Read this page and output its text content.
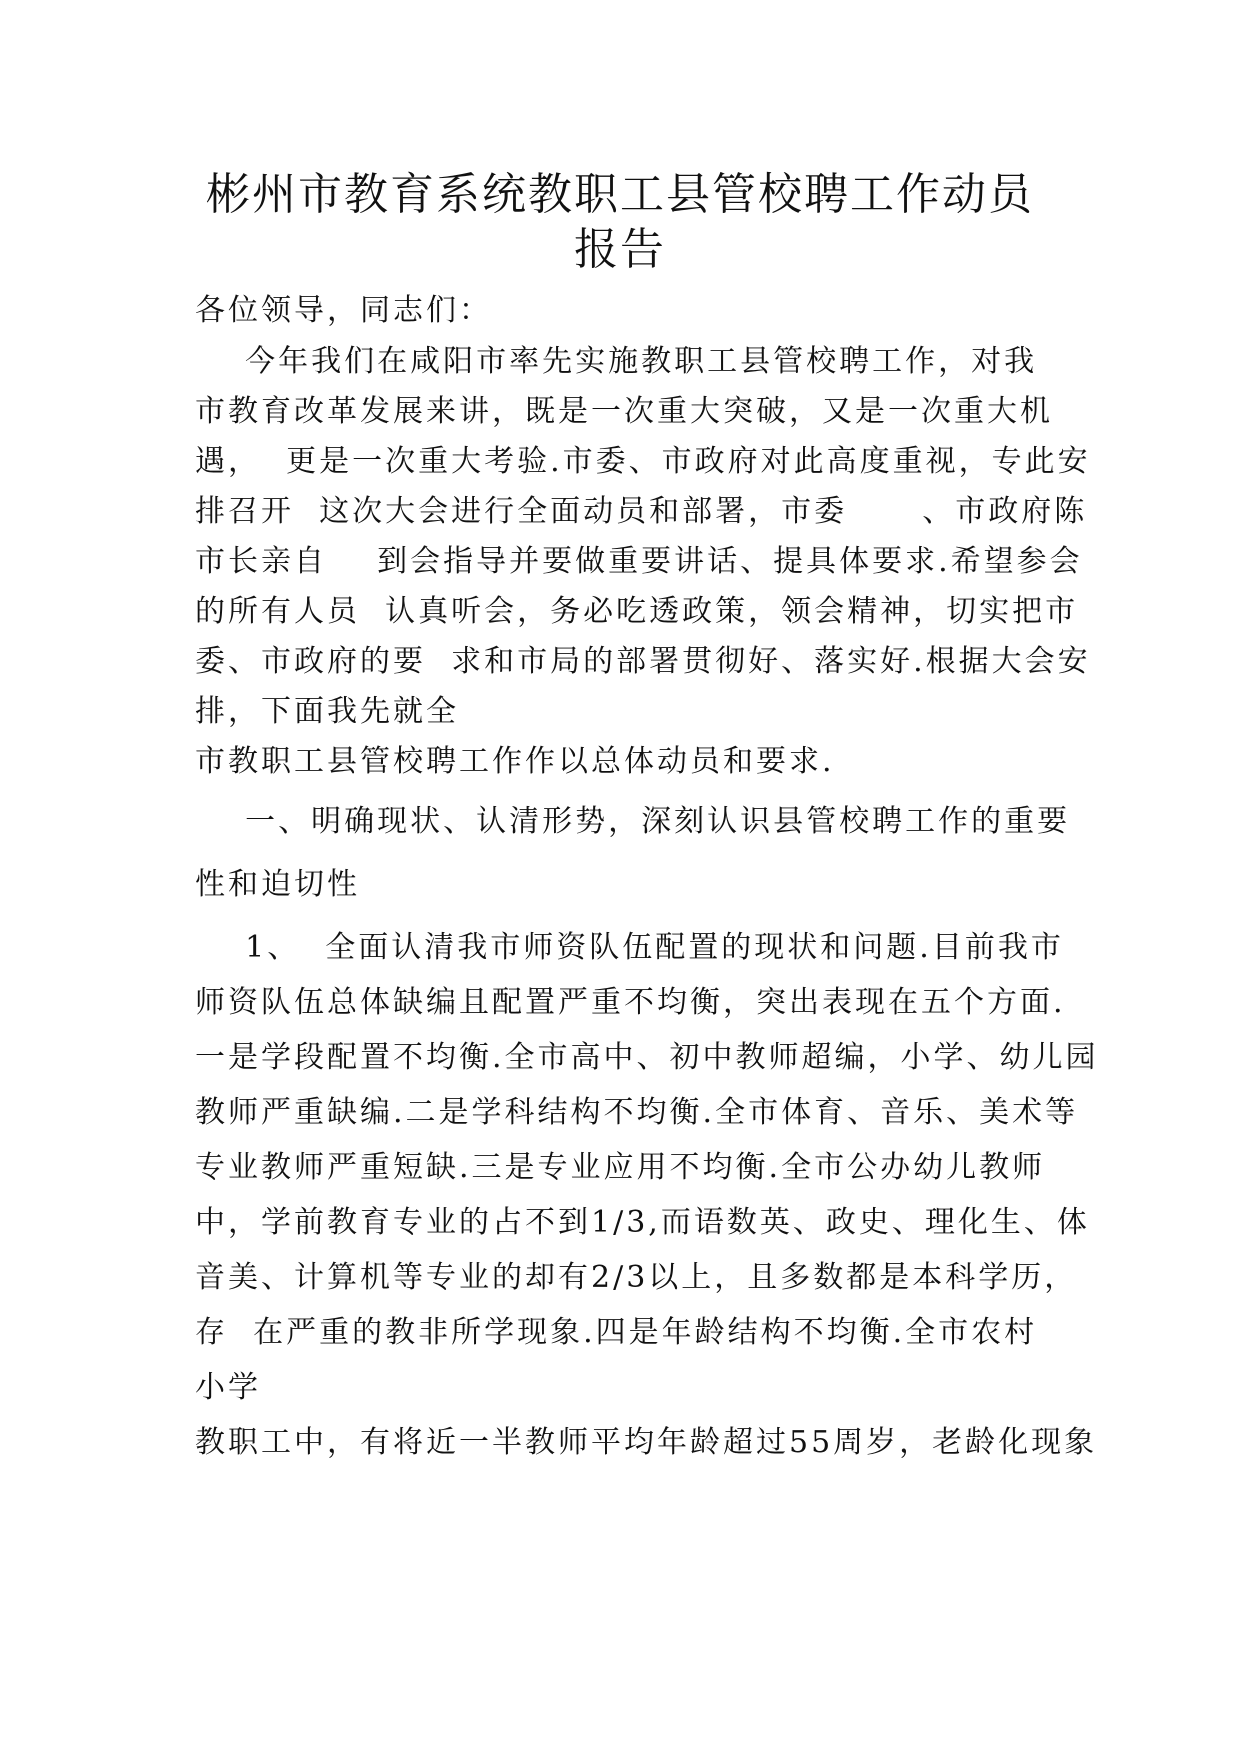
彬州市教育系统教职工县管校聘工作动员
报告
各位领导，同志们：
今年我们在咸阳市率先实施教职工县管校聘工作，对我
市教育改革发展来讲，既是一次重大突破，又是一次重大机
遇，  更是一次重大考验.市委、市政府对此高度重视，专此安
排召开  这次大会进行全面动员和部署，市委      、市政府陈
市长亲自    到会指导并要做重要讲话、提具体要求.希望参会
的所有人员  认真听会，务必吃透政策，领会精神，切实把市
委、市政府的要  求和市局的部署贯彻好、落实好.根据大会安
排，下面我先就全
市教职工县管校聘工作作以总体动员和要求.
一、明确现状、认清形势，深刻认识县管校聘工作的重要
性和迫切性
1、  全面认清我市师资队伍配置的现状和问题.目前我市
师资队伍总体缺编且配置严重不均衡，突出表现在五个方面.
一是学段配置不均衡.全市高中、初中教师超编，小学、幼儿园
教师严重缺编.二是学科结构不均衡.全市体育、音乐、美术等
专业教师严重短缺.三是专业应用不均衡.全市公办幼儿教师
中，学前教育专业的占不到1/3,而语数英、政史、理化生、体
音美、计算机等专业的却有2/3以上，且多数都是本科学历，
存  在严重的教非所学现象.四是年龄结构不均衡.全市农村
小学
教职工中，有将近一半教师平均年龄超过55周岁，老龄化现象
